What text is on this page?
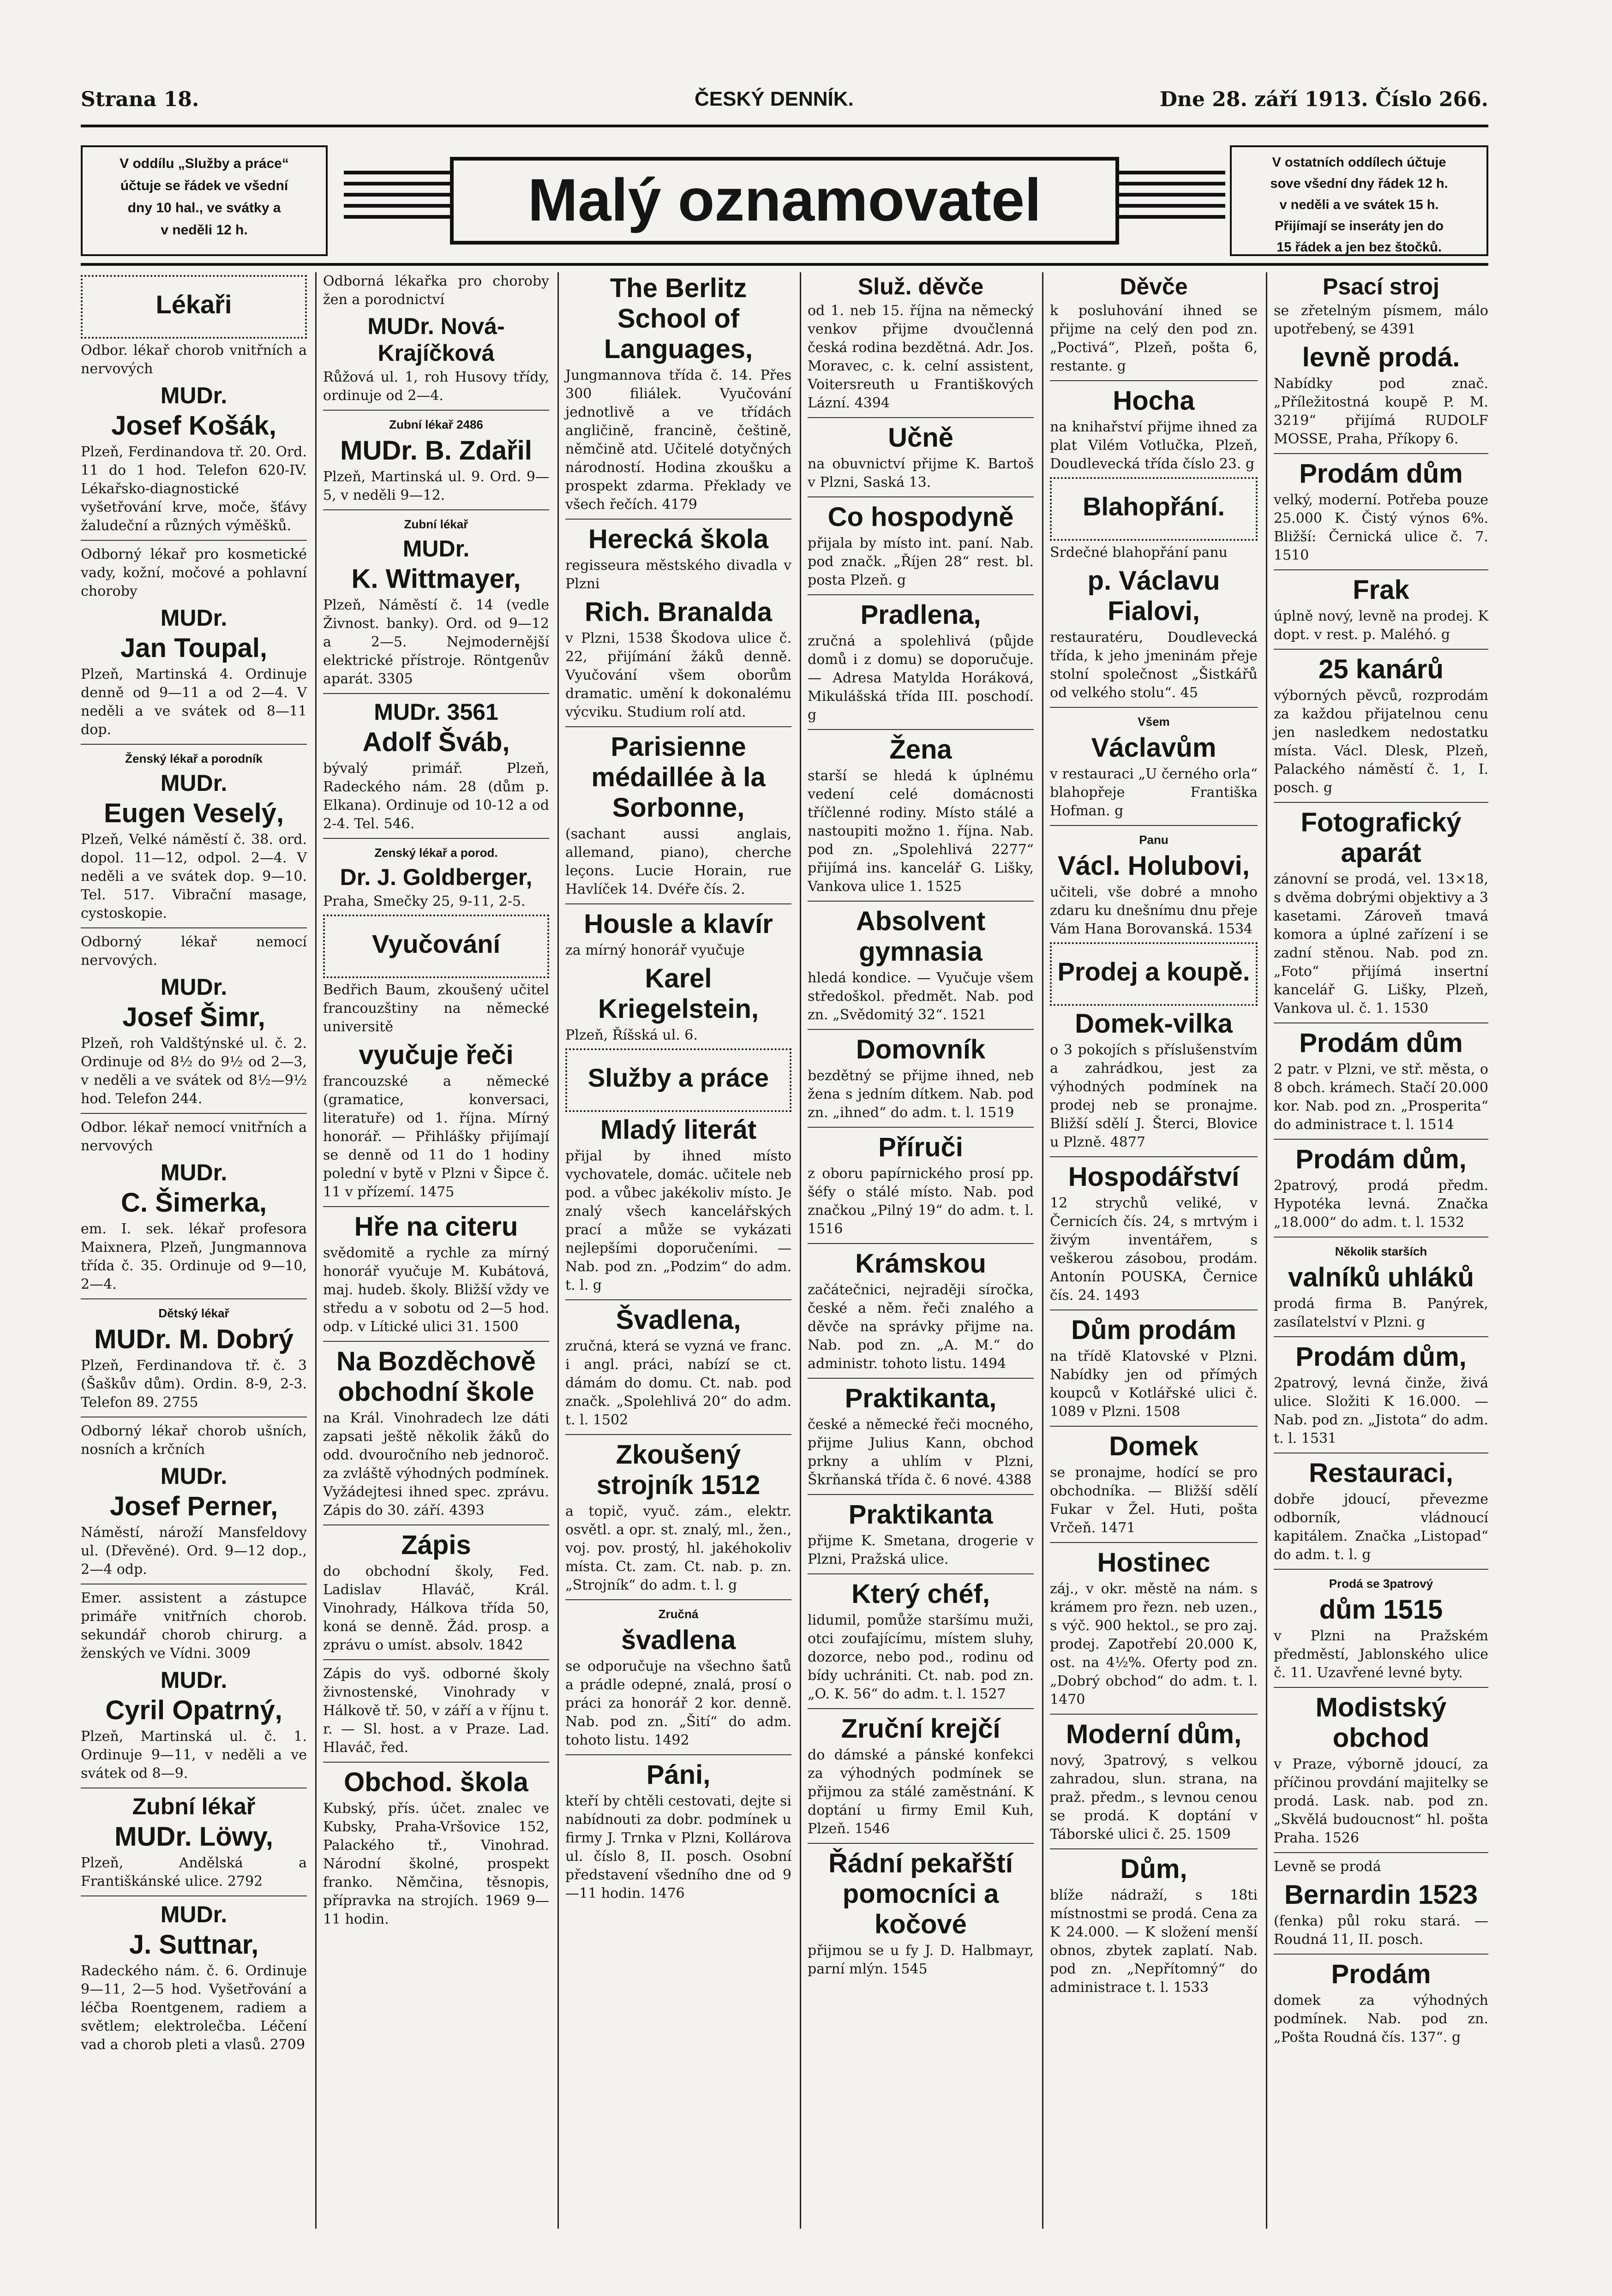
Strana 18.	ČESKÝ DENNÍK.	Dne 28. září 1913. Číslo 266.
V oddílu „Služby a práce“
účtuje se řádek ve všední
dny 10 hal., ve svátky a
v neděli 12 h.	Malý oznamovatel
V ostatních oddílech účtuje
sove všední dny řádek 12 h.
v neděli a ve svátek 15 h.
Přijímají se inseráty jen do
15 řádek a jen bez štočků.
Lékaři

Odbor. lékař chorob vnitřních a nervových

MUDr.
Josef Košák,

Plzeň, Ferdinandova tř. 20. Ord. 11 do 1 hod. Telefon 620-IV. Lékařsko-diagnostické vyšetřování krve, moče, šťávy žaludeční a různých výměšků.

Odborný lékař pro kosmetické vady, kožní, močové a pohlavní choroby

MUDr.
Jan Toupal,

Plzeň, Martinská 4. Ordinuje denně od 9—11 a od 2—4. V neděli a ve svátek od 8—11 dop.

Ženský lékař a porodník
MUDr.
Eugen Veselý,

Plzeň, Velké náměstí č. 38. ord. dopol. 11—12, odpol. 2—4. V neděli a ve svátek dop. 9—10. Tel. 517. Vibrační masage, cystoskopie.

Odborný lékař nemocí nervových.

MUDr.
Josef Šimr,

Plzeň, roh Valdštýnské ul. č. 2. Ordinuje od 8½ do 9½ od 2—3, v neděli a ve svátek od 8½—9½ hod. Telefon 244.

Odbor. lékař nemocí vnitřních a nervových

MUDr.
C. Šimerka,

em. I. sek. lékař profesora Maixnera, Plzeň, Jungmannova třída č. 35. Ordinuje od 9—10, 2—4.

Dětský lékař
MUDr. M. Dobrý

Plzeň, Ferdinandova tř. č. 3 (Šaškův dům). Ordin. 8-9, 2-3. Telefon 89. 2755

Odborný lékař chorob ušních, nosních a krčních

MUDr.
Josef Perner,

Náměstí, nároží Mansfeldovy ul. (Dřevěné). Ord. 9—12 dop., 2—4 odp.

Emer. assistent a zástupce primáře vnitřních chorob. sekundář chorob chirurg. a ženských ve Vídni. 3009

MUDr.
Cyril Opatrný,

Plzeň, Martinská ul. č. 1. Ordinuje 9—11, v neděli a ve svátek od 8—9.

Zubní lékař
MUDr. Löwy,

Plzeň, Andělská a Františkánské ulice. 2792

MUDr.
J. Suttnar,

Radeckého nám. č. 6. Ordinuje 9—11, 2—5 hod. Vyšetřování a léčba Roentgenem, radiem a světlem; elektrolečba. Léčení vad a chorob pleti a vlasů. 2709

Odborná lékařka pro choroby žen a porodnictví

MUDr. Nová-Krajíčková

Růžová ul. 1, roh Husovy třídy, ordinuje od 2—4.

Zubní lékař 2486
MUDr. B. Zdařil

Plzeň, Martinská ul. 9. Ord. 9—5, v neděli 9—12.

Zubní lékař
MUDr.
K. Wittmayer,

Plzeň, Náměstí č. 14 (vedle Živnost. banky). Ord. od 9—12 a 2—5. Nejmodernější elektrické přístroje. Röntgenův aparát. 3305

MUDr. 3561
Adolf Šváb,

bývalý primář. Plzeň, Radeckého nám. 28 (dům p. Elkana). Ordinuje od 10-12 a od 2-4. Tel. 546.

Zenský lékař a porod.
Dr. J. Goldberger,

Praha, Smečky 25, 9-11, 2-5.

Vyučování

Bedřich Baum, zkoušený učitel francouzštiny na německé universitě

vyučuje řeči

francouzské a německé (gramatice, konversaci, literatuře) od 1. října. Mírný honorář. — Přihlášky přijímají se denně od 11 do 1 hodiny polední v bytě v Plzni v Šipce č. 11 v přízemí. 1475

Hře na citeru

svědomitě a rychle za mírný honorář vyučuje M. Kubátová, maj. hudeb. školy. Bližší vždy ve středu a v sobotu od 2—5 hod. odp. v Lítické ulici 31. 1500

Na Bozděchově obchodní škole

na Král. Vinohradech lze dáti zapsati ještě několik žáků do odd. dvouročního neb jednoroč. za zvláště výhodných podmínek. Vyžádejtesi ihned spec. zprávu. Zápis do 30. září. 4393

Zápis

do obchodní školy, Fed. Ladislav Hlaváč, Král. Vinohrady, Hálkova třída 50, koná se denně. Žád. prosp. a zprávu o umíst. absolv. 1842

Zápis do vyš. odborné školy živnostenské, Vinohrady v Hálkově tř. 50, v září a v říjnu t. r. — Sl. host. a v Praze. Lad. Hlaváč, řed.

Obchod. škola

Kubský, přís. účet. znalec ve Kubsky, Praha-Vršovice 152, Palackého tř., Vinohrad. Národní školné, prospekt franko. Němčina, těsnopis, přípravka na strojích. 1969 9—11 hodin.

The Berlitz School of Languages,

Jungmannova třída č. 14. Přes 300 filiálek. Vyučování jednotlivě a ve třídách angličině, francině, češtině, němčině atd. Učitelé dotyčných národností. Hodina zkoušku a prospekt zdarma. Překlady ve všech řečích. 4179

Herecká škola

regisseura městského divadla v Plzni

Rich. Branalda

v Plzni, 1538 Škodova ulice č. 22, přijímání žáků denně. Vyučování všem oborům dramatic. umění k dokonalému výcviku. Studium rolí atd.

Parisienne médaillée à la Sorbonne,

(sachant aussi anglais, allemand, piano), cherche leçons. Lucie Horain, rue Havlíček 14. Dvéře čís. 2.

Housle a klavír

za mírný honorář vyučuje

Karel Kriegelstein,

Plzeň, Říšská ul. 6.

Služby a práce
Mladý literát

přijal by ihned místo vychovatele, domác. učitele neb pod. a vůbec jakékoliv místo. Je znalý všech kancelářských prací a může se vykázati nejlepšími doporučeními. — Nab. pod zn. „Podzim“ do adm. t. l. g

Švadlena,

zručná, která se vyzná ve franc. i angl. práci, nabízí se ct. dámám do domu. Ct. nab. pod značk. „Spolehlivá 20“ do adm. t. l. 1502

Zkoušený strojník 1512

a topič, vyuč. zám., elektr. osvětl. a opr. st. znalý, ml., žen., voj. pov. prostý, hl. jakéhokoliv místa. Ct. zam. Ct. nab. p. zn. „Strojník“ do adm. t. l. g

Zručná
švadlena

se odporučuje na všechno šatů a prádle odepné, znalá, prosí o práci za honorář 2 kor. denně. Nab. pod zn. „Šití“ do adm. tohoto listu. 1492

Páni,

kteří by chtěli cestovati, dejte si nabídnouti za dobr. podmínek u firmy J. Trnka v Plzni, Kollárova ul. číslo 8, II. posch. Osobní představení všedního dne od 9—11 hodin. 1476

Služ. děvče

od 1. neb 15. října na německý venkov přijme dvoučlenná česká rodina bezdětná. Adr. Jos. Moravec, c. k. celní assistent, Voitersreuth u Františkových Lázní. 4394

Učně

na obuvnictví přijme K. Bartoš v Plzni, Saská 13.

Co hospodyně

přijala by místo int. paní. Nab. pod značk. „Říjen 28“ rest. bl. posta Plzeň. g

Pradlena,

zručná a spolehlivá (půjde domů i z domu) se doporučuje. — Adresa Matylda Horáková, Mikulášská třída III. poschodí. g

Žena

starší se hledá k úplnému vedení celé domácnosti tříčlenné rodiny. Místo stálé a nastoupiti možno 1. října. Nab. pod zn. „Spolehlivá 2277“ přijímá ins. kancelář G. Lišky, Vankova ulice 1. 1525

Absolvent gymnasia

hledá kondice. — Vyučuje všem středoškol. předmět. Nab. pod zn. „Svědomitý 32“. 1521

Domovník

bezdětný se přijme ihned, neb žena s jedním dítkem. Nab. pod zn. „ihned“ do adm. t. l. 1519

Příruči

z oboru papírnického prosí pp. šéfy o stálé místo. Nab. pod značkou „Pilný 19“ do adm. t. l. 1516

Krámskou

začátečnici, nejraději síročka, české a něm. řeči znalého a děvče na správky přijme na. Nab. pod zn. „A. M.“ do administr. tohoto listu. 1494

Praktikanta,

české a německé řeči mocného, přijme Julius Kann, obchod prkny a uhlím v Plzni, Škrňanská třída č. 6 nové. 4388

Praktikanta

přijme K. Smetana, drogerie v Plzni, Pražská ulice.

Který chéf,

lidumil, pomůže staršímu muži, otci zoufajícímu, místem sluhy, dozorce, nebo pod., rodinu od bídy uchrániti. Ct. nab. pod zn. „O. K. 56“ do adm. t. l. 1527

Zruční krejčí

do dámské a pánské konfekci za výhodných podmínek se přijmou za stálé zaměstnání. K doptání u firmy Emil Kuh, Plzeň. 1546

Řádní pekařští pomocníci a kočové

přijmou se u fy J. D. Halbmayr, parní mlýn. 1545

Děvče

k posluhování ihned se přijme na celý den pod zn. „Poctivá“, Plzeň, pošta 6, restante. g

Hocha

na knihařství přijme ihned za plat Vilém Votlučka, Plzeň, Doudlevecká třída číslo 23. g

Blahopřání.

Srdečné blahopřání panu

p. Václavu Fialovi,

restauratéru, Doudlevecká třída, k jeho jmeninám přeje stolní společnost „Šistkářů od velkého stolu“. 45

Všem
Václavům

v restauraci „U černého orla“ blahopřeje Františka Hofman. g

Panu
Václ. Holubovi,

učiteli, vše dobré a mnoho zdaru ku dnešnímu dnu přeje Vám Hana Borovanská. 1534

Prodej a koupě.
Domek-vilka

o 3 pokojích s příslušenstvím a zahrádkou, jest za výhodných podmínek na prodej neb se pronajme. Bližší sdělí J. Šterci, Blovice u Plzně. 4877

Hospodářství

12 strychů veliké, v Černicích čís. 24, s mrtvým i živým inventářem, s veškerou zásobou, prodám. Antonín POUSKA, Černice čís. 24. 1493

Dům prodám

na třídě Klatovské v Plzni. Nabídky jen od přímých koupců v Kotlářské ulici č. 1089 v Plzni. 1508

Domek

se pronajme, hodící se pro obchodníka. — Bližší sdělí Fukar v Žel. Huti, pošta Vrčeň. 1471

Hostinec

záj., v okr. městě na nám. s krámem pro řezn. neb uzen., s výč. 900 hektol., se pro zaj. prodej. Zapotřebí 20.000 K, ost. na 4½%. Oferty pod zn. „Dobrý obchod“ do adm. t. l. 1470

Moderní dům,

nový, 3patrový, s velkou zahradou, slun. strana, na praž. předm., s levnou cenou se prodá. K doptání v Táborské ulici č. 25. 1509

Dům,

blíže nádraží, s 18ti místnostmi se prodá. Cena za K 24.000. — K složení menší obnos, zbytek zaplatí. Nab. pod zn. „Nepřítomný“ do administrace t. l. 1533

Psací stroj

se zřetelným písmem, málo upotřebený, se 4391

levně prodá.

Nabídky pod znač. „Příležitostná koupě P. M. 3219“ přijímá RUDOLF MOSSE, Praha, Příkopy 6.

Prodám dům

velký, moderní. Potřeba pouze 25.000 K. Čistý výnos 6%. Bližší: Černická ulice č. 7. 1510

Frak

úplně nový, levně na prodej. K dopt. v rest. p. Maléhó. g

25 kanárů

výborných pěvců, rozprodám za každou přijatelnou cenu jen nasledkem nedostatku místa. Václ. Dlesk, Plzeň, Palackého náměstí č. 1, I. posch. g

Fotografický aparát

zánovní se prodá, vel. 13×18, s dvěma dobrými objektivy a 3 kasetami. Zároveň tmavá komora a úplné zařízení i se zadní stěnou. Nab. pod zn. „Foto“ přijímá insertní kancelář G. Lišky, Plzeň, Vankova ul. č. 1. 1530

Prodám dům

2 patr. v Plzni, ve stř. města, o 8 obch. krámech. Stačí 20.000 kor. Nab. pod zn. „Prosperita“ do administrace t. l. 1514

Prodám dům,

2patrový, prodá předm. Hypotéka levná. Značka „18.000“ do adm. t. l. 1532

Několik starších
valníků uhláků

prodá firma B. Panýrek, zasílatelství v Plzni. g

Prodám dům,

2patrový, levná činže, živá ulice. Složiti K 16.000. — Nab. pod zn. „Jistota“ do adm. t. l. 1531

Restauraci,

dobře jdoucí, převezme odborník, vládnoucí kapitálem. Značka „Listopad“ do adm. t. l. g

Prodá se 3patrový
dům 1515

v Plzni na Pražském předměstí, Jablonského ulice č. 11. Uzavřené levné byty.

Modistský obchod

v Praze, výborně jdoucí, za příčinou provdání majitelky se prodá. Lask. nab. pod zn. „Skvělá budoucnost“ hl. pošta Praha. 1526

Levně se prodá

Bernardin 1523

(fenka) půl roku stará. — Roudná 11, II. posch.

Prodám

domek za výhodných podmínek. Nab. pod zn. „Pošta Roudná čís. 137“. g
